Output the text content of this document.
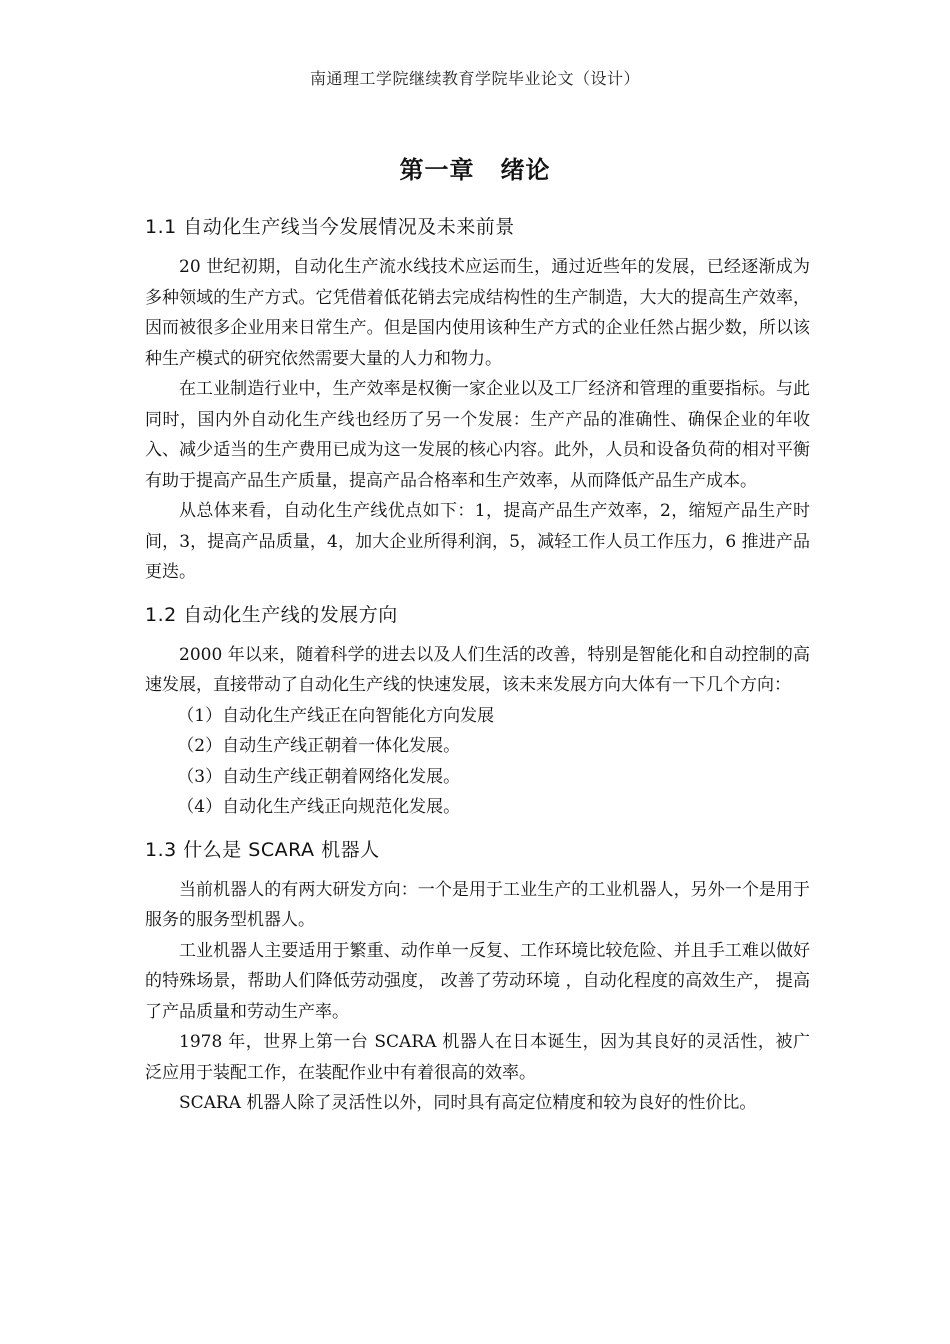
南通理工学院继续教育学院毕业论文（设计）
第一章 绪论
1.1 自动化生产线当今发展情况及未来前景

20 世纪初期，自动化生产流水线技术应运而生，通过近些年的发展，已经逐渐成为多种领域的生产方式。它凭借着低花销去完成结构性的生产制造，大大的提高生产效率，因而被很多企业用来日常生产。但是国内使用该种生产方式的企业任然占据少数，所以该种生产模式的研究依然需要大量的人力和物力。

在工业制造行业中，生产效率是权衡一家企业以及工厂经济和管理的重要指标。与此同时，国内外自动化生产线也经历了另一个发展：生产产品的准确性、确保企业的年收入、减少适当的生产费用已成为这一发展的核心内容。此外，人员和设备负荷的相对平衡有助于提高产品生产质量，提高产品合格率和生产效率，从而降低产品生产成本。

从总体来看，自动化生产线优点如下：1，提高产品生产效率，2，缩短产品生产时间，3，提高产品质量，4，加大企业所得利润，5，减轻工作人员工作压力，6 推进产品更迭。

1.2 自动化生产线的发展方向

2000 年以来，随着科学的进去以及人们生活的改善，特别是智能化和自动控制的高速发展，直接带动了自动化生产线的快速发展，该未来发展方向大体有一下几个方向：

（1）自动化生产线正在向智能化方向发展

（2）自动生产线正朝着一体化发展。

（3）自动生产线正朝着网络化发展。

（4）自动化生产线正向规范化发展。

1.3 什么是 SCARA 机器人

当前机器人的有两大研发方向：一个是用于工业生产的工业机器人，另外一个是用于服务的服务型机器人。

工业机器人主要适用于繁重、动作单一反复、工作环境比较危险、并且手工难以做好的特殊场景，帮助人们降低劳动强度， 改善了劳动环境 ，自动化程度的高效生产， 提高了产品质量和劳动生产率。

1978 年，世界上第一台 SCARA 机器人在日本诞生，因为其良好的灵活性，被广泛应用于装配工作，在装配作业中有着很高的效率。

SCARA 机器人除了灵活性以外，同时具有高定位精度和较为良好的性价比。
